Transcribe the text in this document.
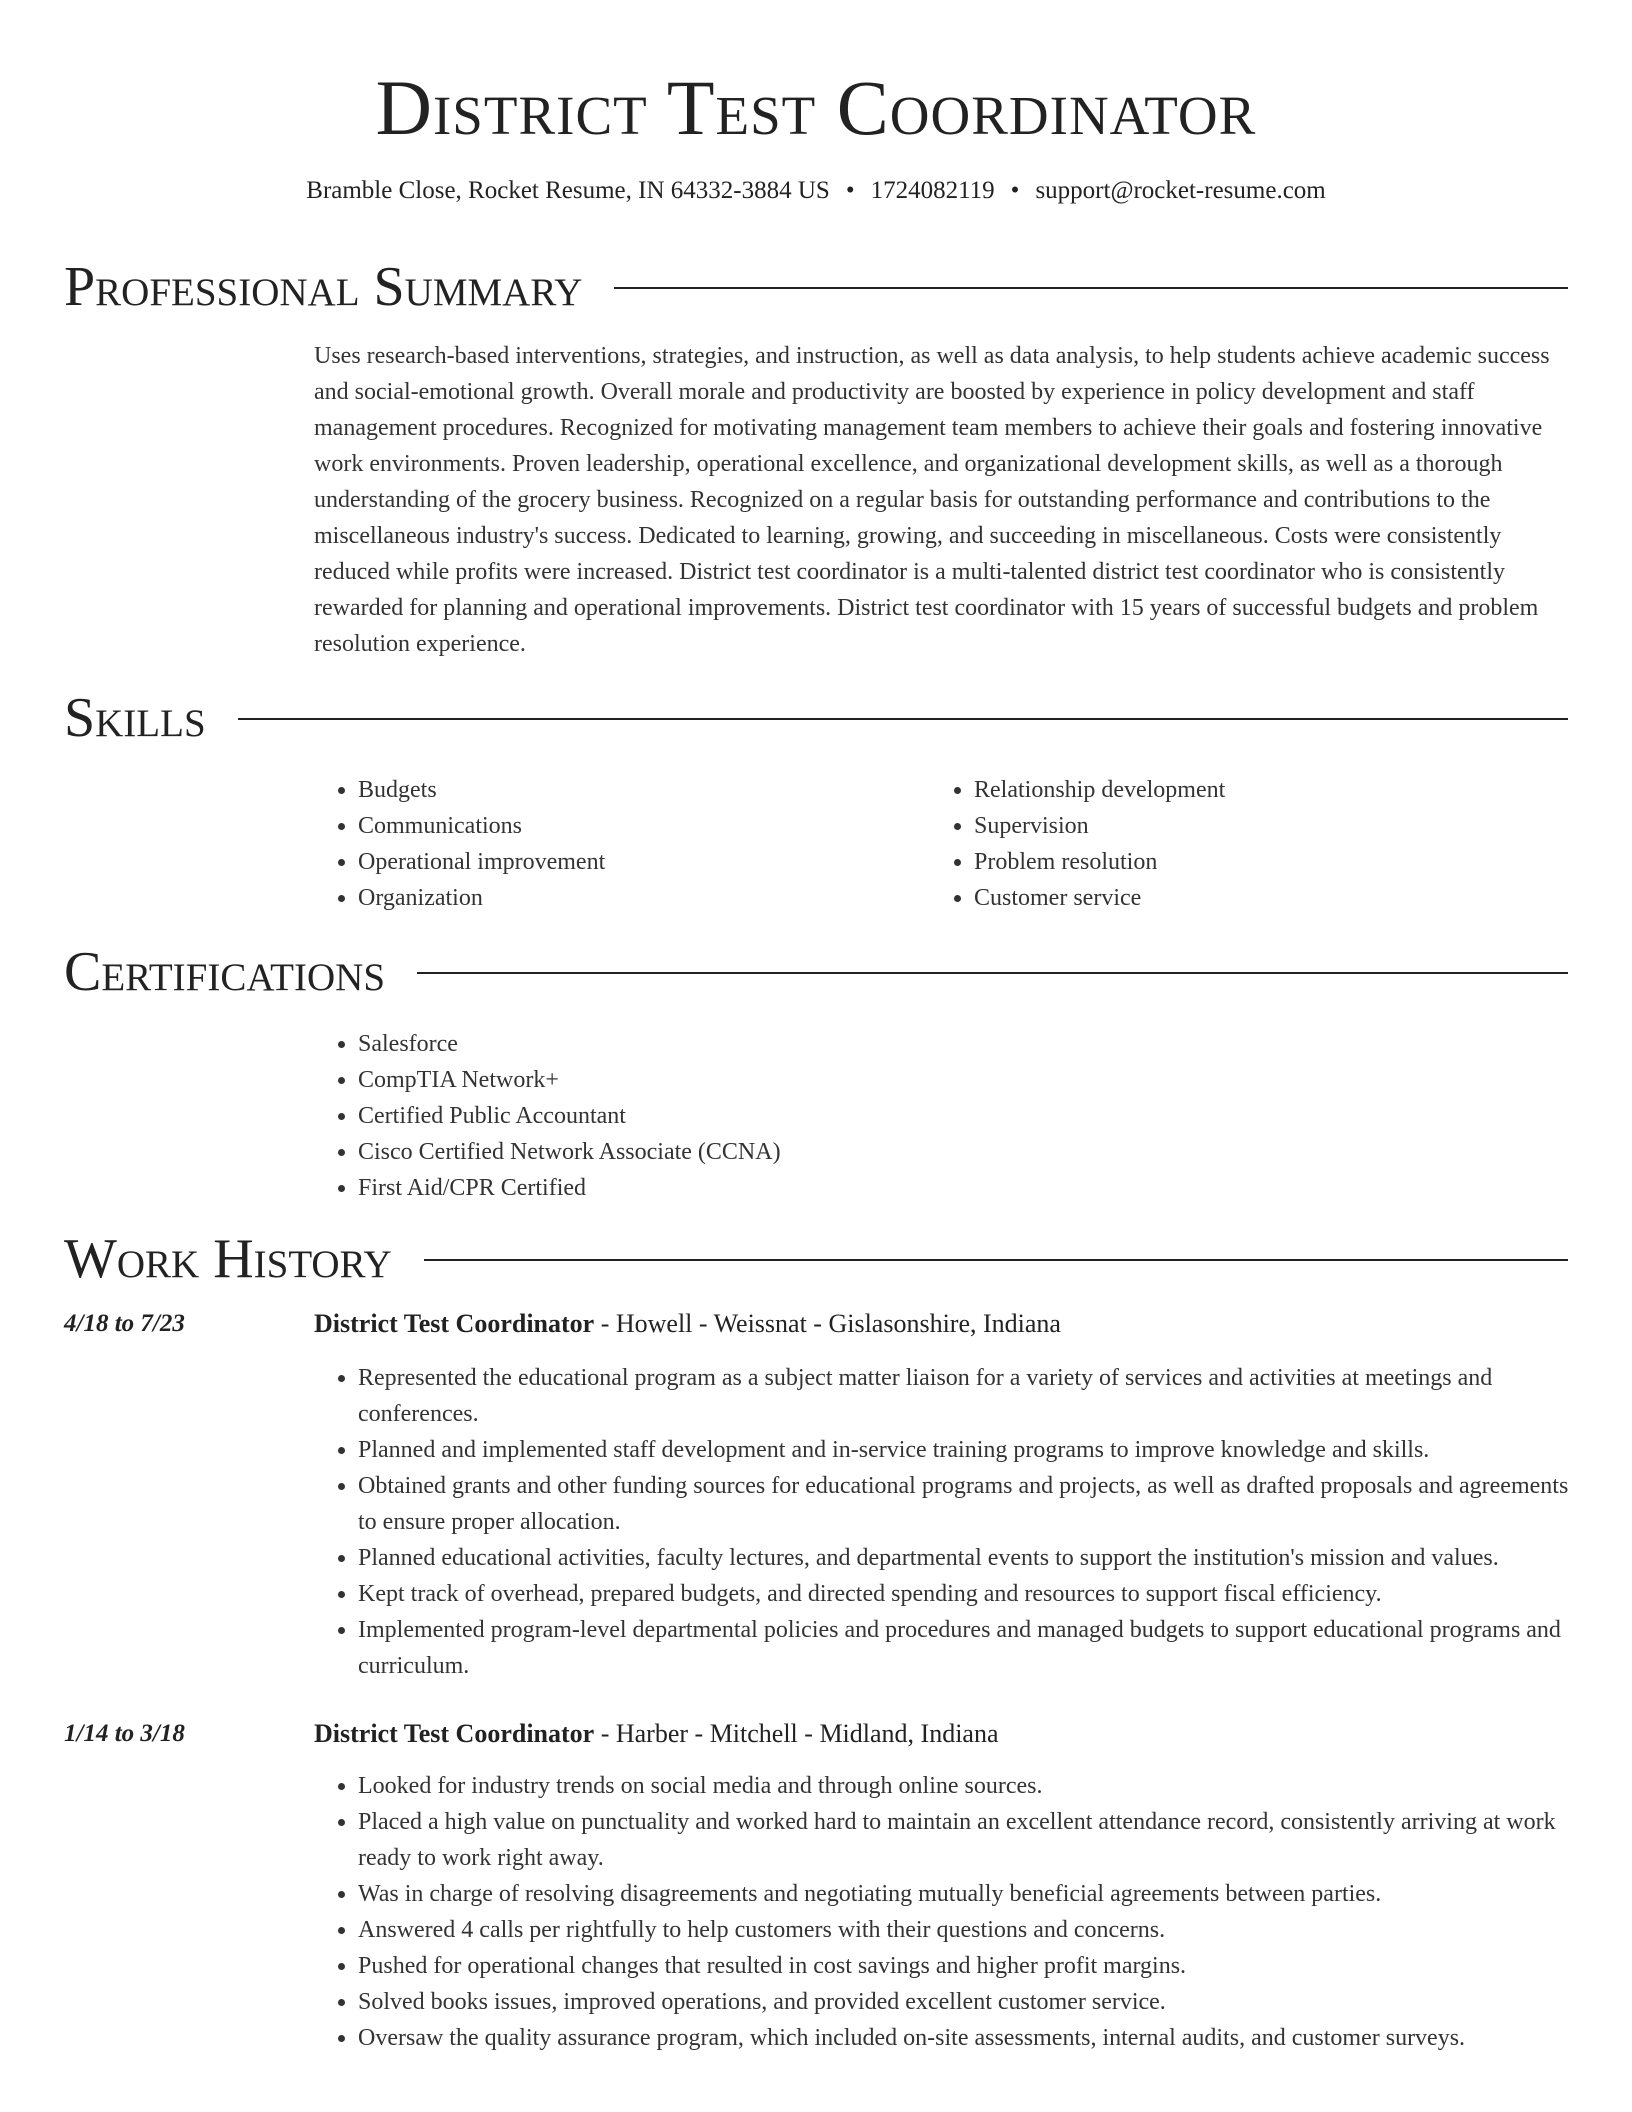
District Test Coordinator
Bramble Close, Rocket Resume, IN 64332-3884 US • 1724082119 • support@rocket-resume.com
Professional Summary

Uses research-based interventions, strategies, and instruction, as well as data analysis, to help students achieve academic success and social-emotional growth. Overall morale and productivity are boosted by experience in policy development and staff management procedures. Recognized for motivating management team members to achieve their goals and fostering innovative work environments. Proven leadership, operational excellence, and organizational development skills, as well as a thorough understanding of the grocery business. Recognized on a regular basis for outstanding performance and contributions to the miscellaneous industry's success. Dedicated to learning, growing, and succeeding in miscellaneous. Costs were consistently reduced while profits were increased. District test coordinator is a multi-talented district test coordinator who is consistently rewarded for planning and operational improvements. District test coordinator with 15 years of successful budgets and problem resolution experience.

Skills
• Budgets
• Communications
• Operational improvement
• Organization
• Relationship development
• Supervision
• Problem resolution
• Customer service
Certifications
• Salesforce
• CompTIA Network+
• Certified Public Accountant
• Cisco Certified Network Associate (CCNA)
• First Aid/CPR Certified
Work History
4/18 to 7/23	District Test Coordinator - Howell - Weissnat - Gislasonshire, Indiana
• Represented the educational program as a subject matter liaison for a variety of services and activities at meetings and conferences.
• Planned and implemented staff development and in-service training programs to improve knowledge and skills.
• Obtained grants and other funding sources for educational programs and projects, as well as drafted proposals and agreements to ensure proper allocation.
• Planned educational activities, faculty lectures, and departmental events to support the institution's mission and values.
• Kept track of overhead, prepared budgets, and directed spending and resources to support fiscal efficiency.
• Implemented program-level departmental policies and procedures and managed budgets to support educational programs and curriculum.
1/14 to 3/18	District Test Coordinator - Harber - Mitchell - Midland, Indiana
• Looked for industry trends on social media and through online sources.
• Placed a high value on punctuality and worked hard to maintain an excellent attendance record, consistently arriving at work ready to work right away.
• Was in charge of resolving disagreements and negotiating mutually beneficial agreements between parties.
• Answered 4 calls per rightfully to help customers with their questions and concerns.
• Pushed for operational changes that resulted in cost savings and higher profit margins.
• Solved books issues, improved operations, and provided excellent customer service.
• Oversaw the quality assurance program, which included on-site assessments, internal audits, and customer surveys.
